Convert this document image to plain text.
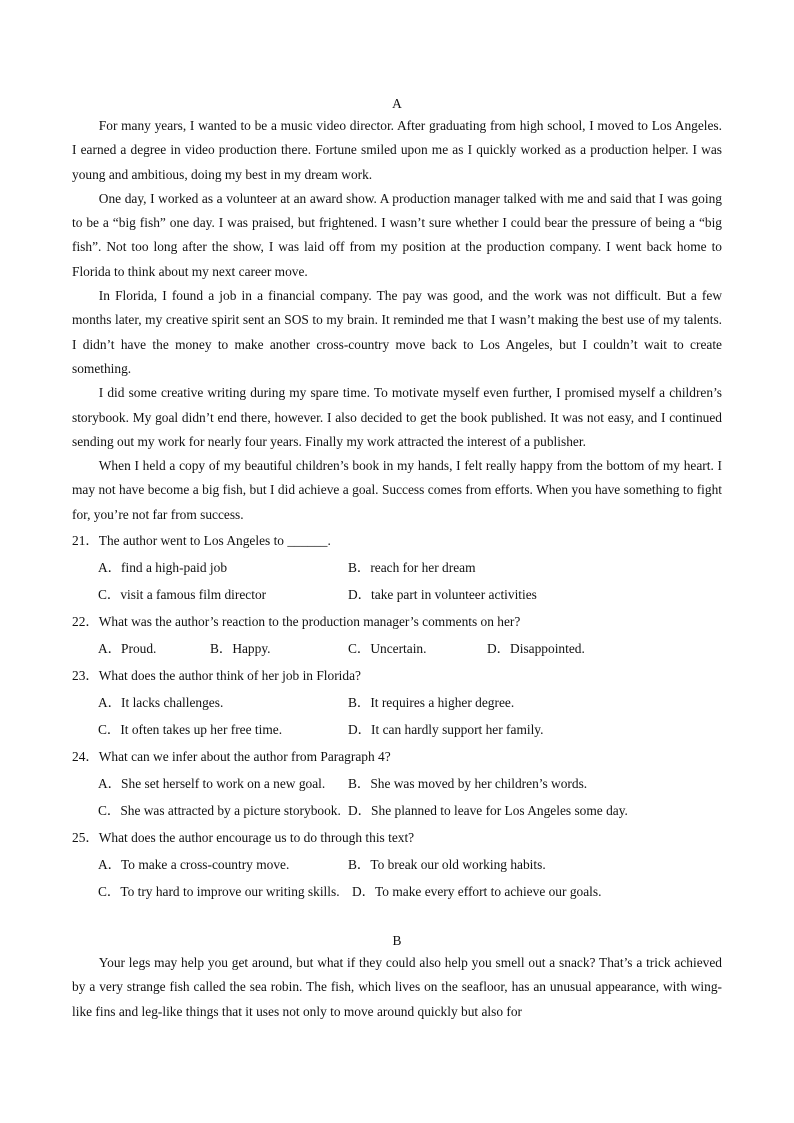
A

For many years, I wanted to be a music video director. After graduating from high school, I moved to Los Angeles. I earned a degree in video production there. Fortune smiled upon me as I quickly worked as a production helper. I was young and ambitious, doing my best in my dream work.

One day, I worked as a volunteer at an award show. A production manager talked with me and said that I was going to be a “big fish” one day. I was praised, but frightened. I wasn’t sure whether I could bear the pressure of being a “big fish”. Not too long after the show, I was laid off from my position at the production company. I went back home to Florida to think about my next career move.

In Florida, I found a job in a financial company. The pay was good, and the work was not difficult. But a few months later, my creative spirit sent an SOS to my brain. It reminded me that I wasn’t making the best use of my talents. I didn’t have the money to make another cross-country move back to Los Angeles, but I couldn’t wait to create something.

I did some creative writing during my spare time. To motivate myself even further, I promised myself a children’s storybook. My goal didn’t end there, however. I also decided to get the book published. It was not easy, and I continued sending out my work for nearly four years. Finally my work attracted the interest of a publisher.

When I held a copy of my beautiful children’s book in my hands, I felt really happy from the bottom of my heart. I may not have become a big fish, but I did achieve a goal. Success comes from efforts. When you have something to fight for, you’re not far from success.

21．The author went to Los Angeles to ______.

A．find a high-paid job	B．reach for her dream
C．visit a famous film director	D．take part in volunteer activities

22．What was the author’s reaction to the production manager’s comments on her?

A．Proud.	B．Happy.	C．Uncertain.	D．Disappointed.

23．What does the author think of her job in Florida?

A．It lacks challenges.	B．It requires a higher degree.
C．It often takes up her free time.	D．It can hardly support her family.

24．What can we infer about the author from Paragraph 4?

A．She set herself to work on a new goal. B．She was moved by her children’s words.
C．She was attracted by a picture storybook. D．She planned to leave for Los Angeles some day.

25．What does the author encourage us to do through this text?

A．To make a cross-country move.	B．To break our old working habits.
C．To try hard to improve our writing skills. D．To make every effort to achieve our goals.

B

Your legs may help you get around, but what if they could also help you smell out a snack? That’s a trick achieved by a very strange fish called the sea robin. The fish, which lives on the seafloor, has an unusual appearance, with wing-like fins and leg-like things that it uses not only to move around quickly but also for
